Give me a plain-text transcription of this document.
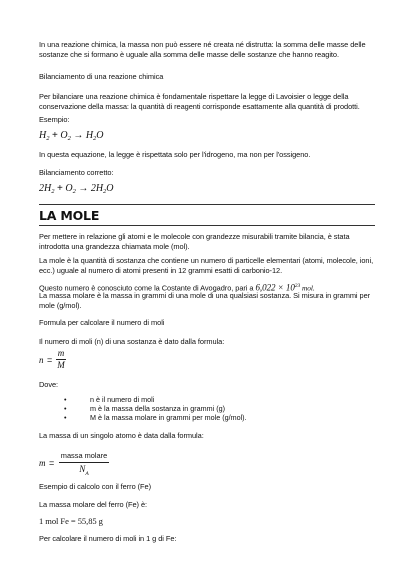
In una reazione chimica, la massa non può essere né creata né distrutta: la somma delle masse delle sostanze che si formano è uguale alla somma delle masse delle sostanze che hanno reagito.

Bilanciamento di una reazione chimica

Per bilanciare una reazione chimica è fondamentale rispettare la legge di Lavoisier o legge della conservazione della massa: la quantità di reagenti corrisponde esattamente alla quantità di prodotti.

Esempio:

$H_2 + O_2 \to H_2O$

In questa equazione, la legge è rispettata solo per l'idrogeno, ma non per l'ossigeno.

Bilanciamento corretto:

$2H_2 + O_2 \to 2H_2O$
LA MOLE

Per mettere in relazione gli atomi e le molecole con grandezze misurabili tramite bilancia, è stata introdotta una grandezza chiamata mole (mol).

La mole è la quantità di sostanza che contiene un numero di particelle elementari (atomi, molecole, ioni, ecc.) uguale al numero di atomi presenti in 12 grammi esatti di carbonio-12.

Questo numero è conosciuto come la Costante di Avogadro, pari a $6,022 \times 10^{23}$ mol.

La massa molare è la massa in grammi di una mole di una qualsiasi sostanza. Si misura in grammi per mole (g/mol).

Formula per calcolare il numero di moli

Il numero di moli (n) di una sostanza è dato dalla formula:

n =
m
M

Dove:

•	n è il numero di moli
•	m è la massa della sostanza in grammi (g)
•	M è la massa molare in grammi per mole (g/mol).

La massa di un singolo atomo è data dalla formula:

m =
massa molare
$N_A$

Esempio di calcolo con il ferro (Fe)

La massa molare del ferro (Fe) è:

1 mol Fe = 55,85 g

Per calcolare il numero di moli in 1 g di Fe:
